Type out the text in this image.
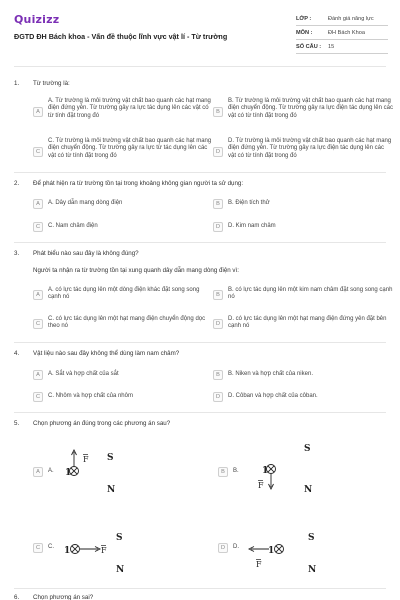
Quizizz
ĐGTD ĐH Bách khoa - Vấn đề thuộc lĩnh vực vật lí - Từ trường
LỚP :	Đánh giá năng lực
MÔN :	ĐH Bách Khoa
SỐ CÂU :	15
1. Từ trường là:
A
A. Từ trường là môi trường vật chất bao quanh các hạt mang điện đứng yên. Từ trường gây ra lực tác dụng lên các vật có từ tính đặt trong đó
B
B. Từ trường là môi trường vật chất bao quanh các hạt mang điện chuyển động. Từ trường gây ra lực điện tác dụng lên các vật có từ tính đặt trong đó
C
C. Từ trường là môi trường vật chất bao quanh các hạt mang điện chuyển động. Từ trường gây ra lực từ tác dụng lên các vật có từ tính đặt trong đó
D
D. Từ trường là môi trường vật chất bao quanh các hạt mang điện đứng yên. Từ trường gây ra lực điện tác dụng lên các vật có từ tính đặt trong đó
2. Để phát hiện ra từ trường tồn tại trong khoảng không gian người ta sử dụng:
A	A. Dây dẫn mang dòng điện	B	B. Điện tích thử
C	C. Nam châm điện	D	D. Kim nam châm
3. Phát biểu nào sau đây là không đúng?
Người ta nhận ra từ trường tồn tại xung quanh dây dẫn mang dòng điện vì:
A
A. có lực tác dụng lên một dòng điện khác đặt song song cạnh nó	B
B. có lực tác dụng lên một kim nam châm đặt song song cạnh nó
C
C. có lực tác dụng lên một hạt mang điện chuyển động dọc theo nó	D
D. có lực tác dụng lên một hạt mang điện đứng yên đặt bên cạnh nó
4. Vật liệu nào sau đây không thể dùng làm nam châm?
A	A. Sắt và hợp chất của sắt	B	B. Niken và hợp chất của niken.
C	C. Nhôm và hợp chất của nhôm	D	D. Côban và hợp chất của côban.
5. Chọn phương án đúng trong các phương án sau?
A	A. 1
F S
N
B	B.	1
F
S
N
C	C. 1	F
S
N
D	D.	1
F
S
N
6. Chọn phương án sai?
